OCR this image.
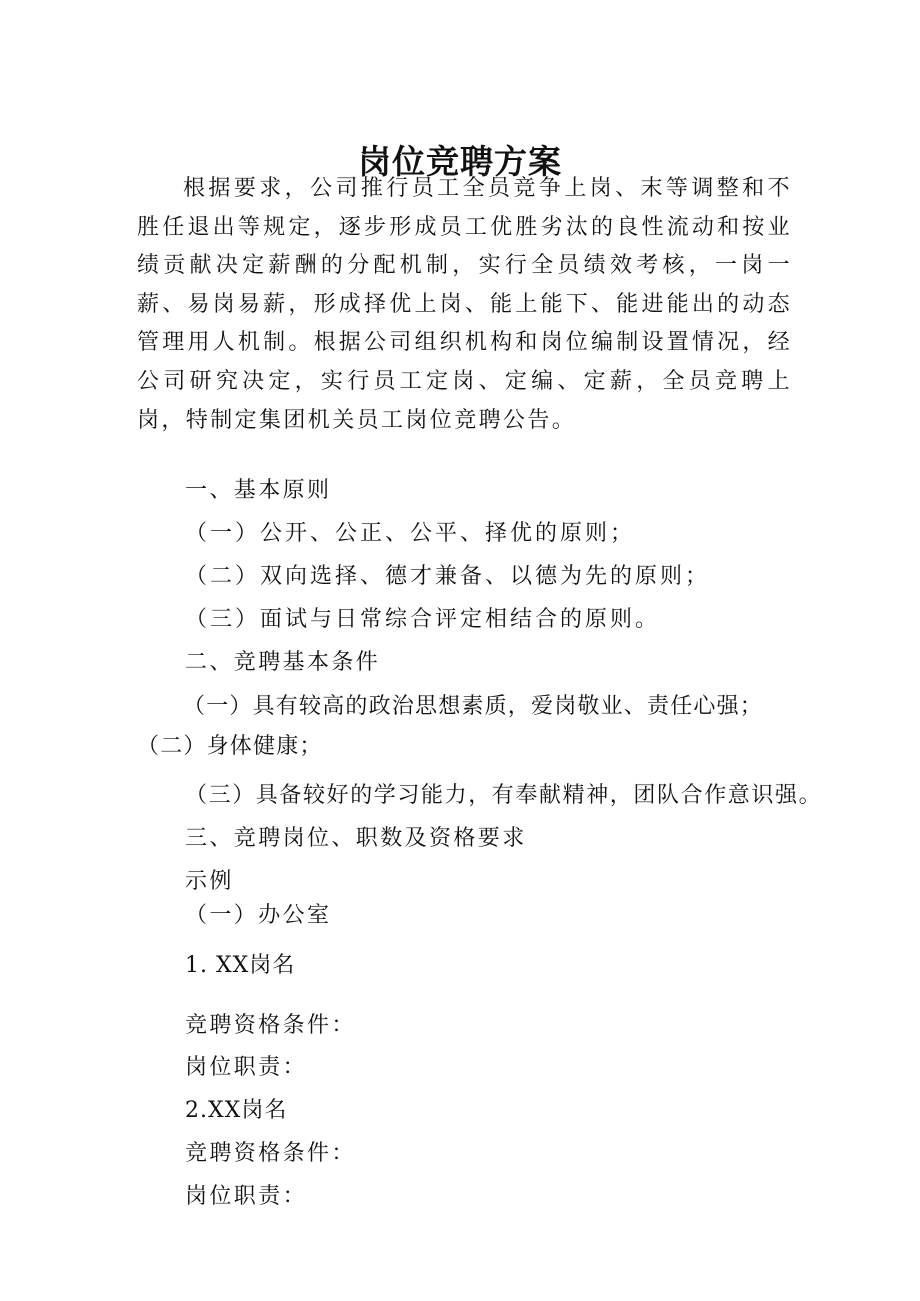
岗位竞聘方案

根据要求，公司推行员工全员竞争上岗、末等调整和不胜任退出等规定，逐步形成员工优胜劣汰的良性流动和按业绩贡献决定薪酬的分配机制，实行全员绩效考核，一岗一薪、易岗易薪，形成择优上岗、能上能下、能进能出的动态管理用人机制。根据公司组织机构和岗位编制设置情况，经公司研究决定，实行员工定岗、定编、定薪，全员竞聘上岗，特制定集团机关员工岗位竞聘公告。

一、基本原则

（一）公开、公正、公平、择优的原则；

（二）双向选择、德才兼备、以德为先的原则；

（三）面试与日常综合评定相结合的原则。

二、竞聘基本条件

（一）具有较高的政治思想素质，爱岗敬业、责任心强；（二）身体健康；

（三）具备较好的学习能力，有奉献精神，团队合作意识强。

三、竞聘岗位、职数及资格要求

示例

（一）办公室

1. XX岗名

竞聘资格条件：

岗位职责：

2.XX岗名

竞聘资格条件：

岗位职责：
